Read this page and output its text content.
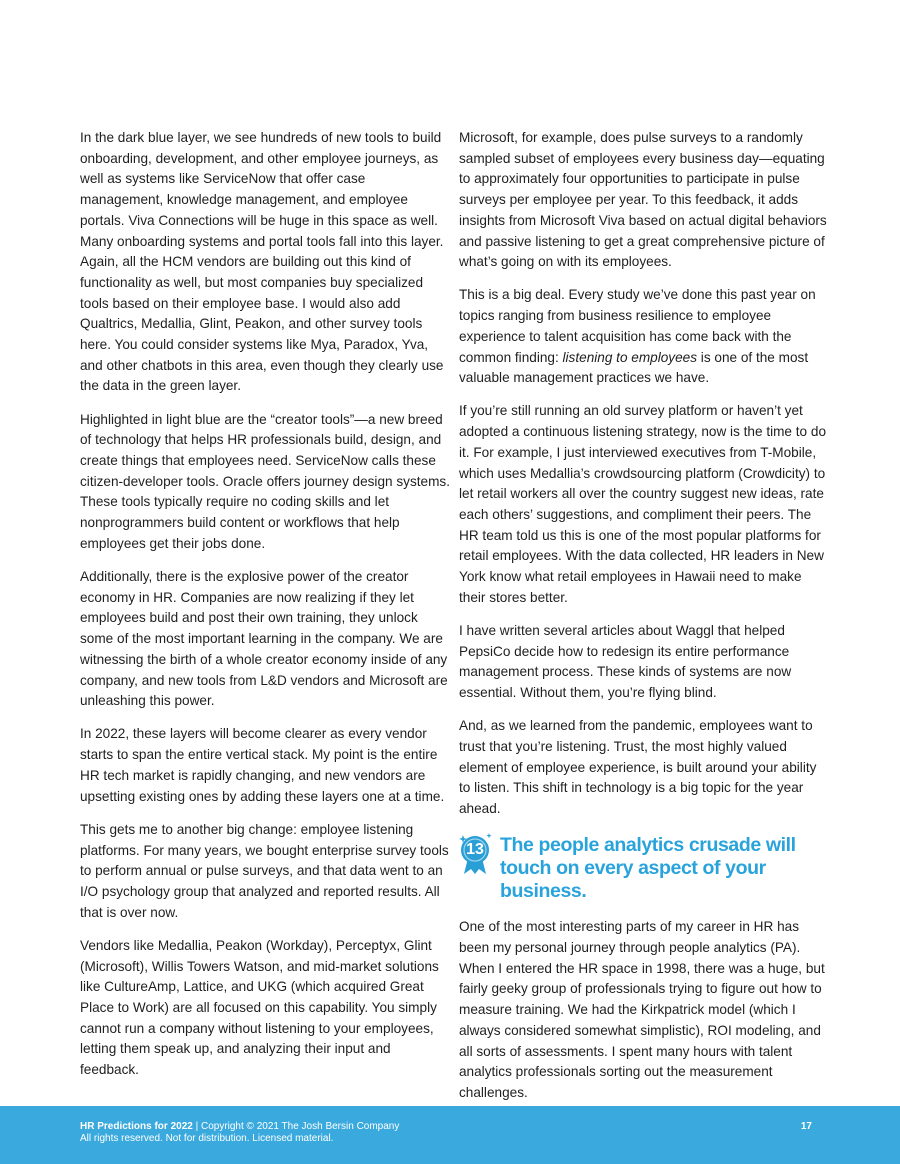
In the dark blue layer, we see hundreds of new tools to build onboarding, development, and other employee journeys, as well as systems like ServiceNow that offer case management, knowledge management, and employee portals. Viva Connections will be huge in this space as well. Many onboarding systems and portal tools fall into this layer. Again, all the HCM vendors are building out this kind of functionality as well, but most companies buy specialized tools based on their employee base. I would also add Qualtrics, Medallia, Glint, Peakon, and other survey tools here. You could consider systems like Mya, Paradox, Yva, and other chatbots in this area, even though they clearly use the data in the green layer.

Highlighted in light blue are the “creator tools”—a new breed of technology that helps HR professionals build, design, and create things that employees need. ServiceNow calls these citizen-developer tools. Oracle offers journey design systems. These tools typically require no coding skills and let nonprogrammers build content or workflows that help employees get their jobs done.

Additionally, there is the explosive power of the creator economy in HR. Companies are now realizing if they let employees build and post their own training, they unlock some of the most important learning in the company. We are witnessing the birth of a whole creator economy inside of any company, and new tools from L&D vendors and Microsoft are unleashing this power.

In 2022, these layers will become clearer as every vendor starts to span the entire vertical stack. My point is the entire HR tech market is rapidly changing, and new vendors are upsetting existing ones by adding these layers one at a time.

This gets me to another big change: employee listening platforms. For many years, we bought enterprise survey tools to perform annual or pulse surveys, and that data went to an I/O psychology group that analyzed and reported results. All that is over now.

Vendors like Medallia, Peakon (Workday), Perceptyx, Glint (Microsoft), Willis Towers Watson, and mid-market solutions like CultureAmp, Lattice, and UKG (which acquired Great Place to Work) are all focused on this capability. You simply cannot run a company without listening to your employees, letting them speak up, and analyzing their input and feedback.

Microsoft, for example, does pulse surveys to a randomly sampled subset of employees every business day—equating to approximately four opportunities to participate in pulse surveys per employee per year. To this feedback, it adds insights from Microsoft Viva based on actual digital behaviors and passive listening to get a great comprehensive picture of what’s going on with its employees.

This is a big deal. Every study we’ve done this past year on topics ranging from business resilience to employee experience to talent acquisition has come back with the common finding: listening to employees is one of the most valuable management practices we have.

If you’re still running an old survey platform or haven’t yet adopted a continuous listening strategy, now is the time to do it. For example, I just interviewed executives from T-Mobile, which uses Medallia’s crowdsourcing platform (Crowdicity) to let retail workers all over the country suggest new ideas, rate each others’ suggestions, and compliment their peers. The HR team told us this is one of the most popular platforms for retail employees. With the data collected, HR leaders in New York know what retail employees in Hawaii need to make their stores better.

I have written several articles about Waggl that helped PepsiCo decide how to redesign its entire performance management process. These kinds of systems are now essential. Without them, you’re flying blind.

And, as we learned from the pandemic, employees want to trust that you’re listening. Trust, the most highly valued element of employee experience, is built around your ability to listen. This shift in technology is a big topic for the year ahead.

13 The people analytics crusade will
touch on every aspect of your business.

One of the most interesting parts of my career in HR has been my personal journey through people analytics (PA). When I entered the HR space in 1998, there was a huge, but fairly geeky group of professionals trying to figure out how to measure training. We had the Kirkpatrick model (which I always considered somewhat simplistic), ROI modeling, and all sorts of assessments. I spent many hours with talent analytics professionals sorting out the measurement challenges.

HR Predictions for 2022 | Copyright © 2021 The Josh Bersin Company
All rights reserved. Not for distribution. Licensed material.
17
